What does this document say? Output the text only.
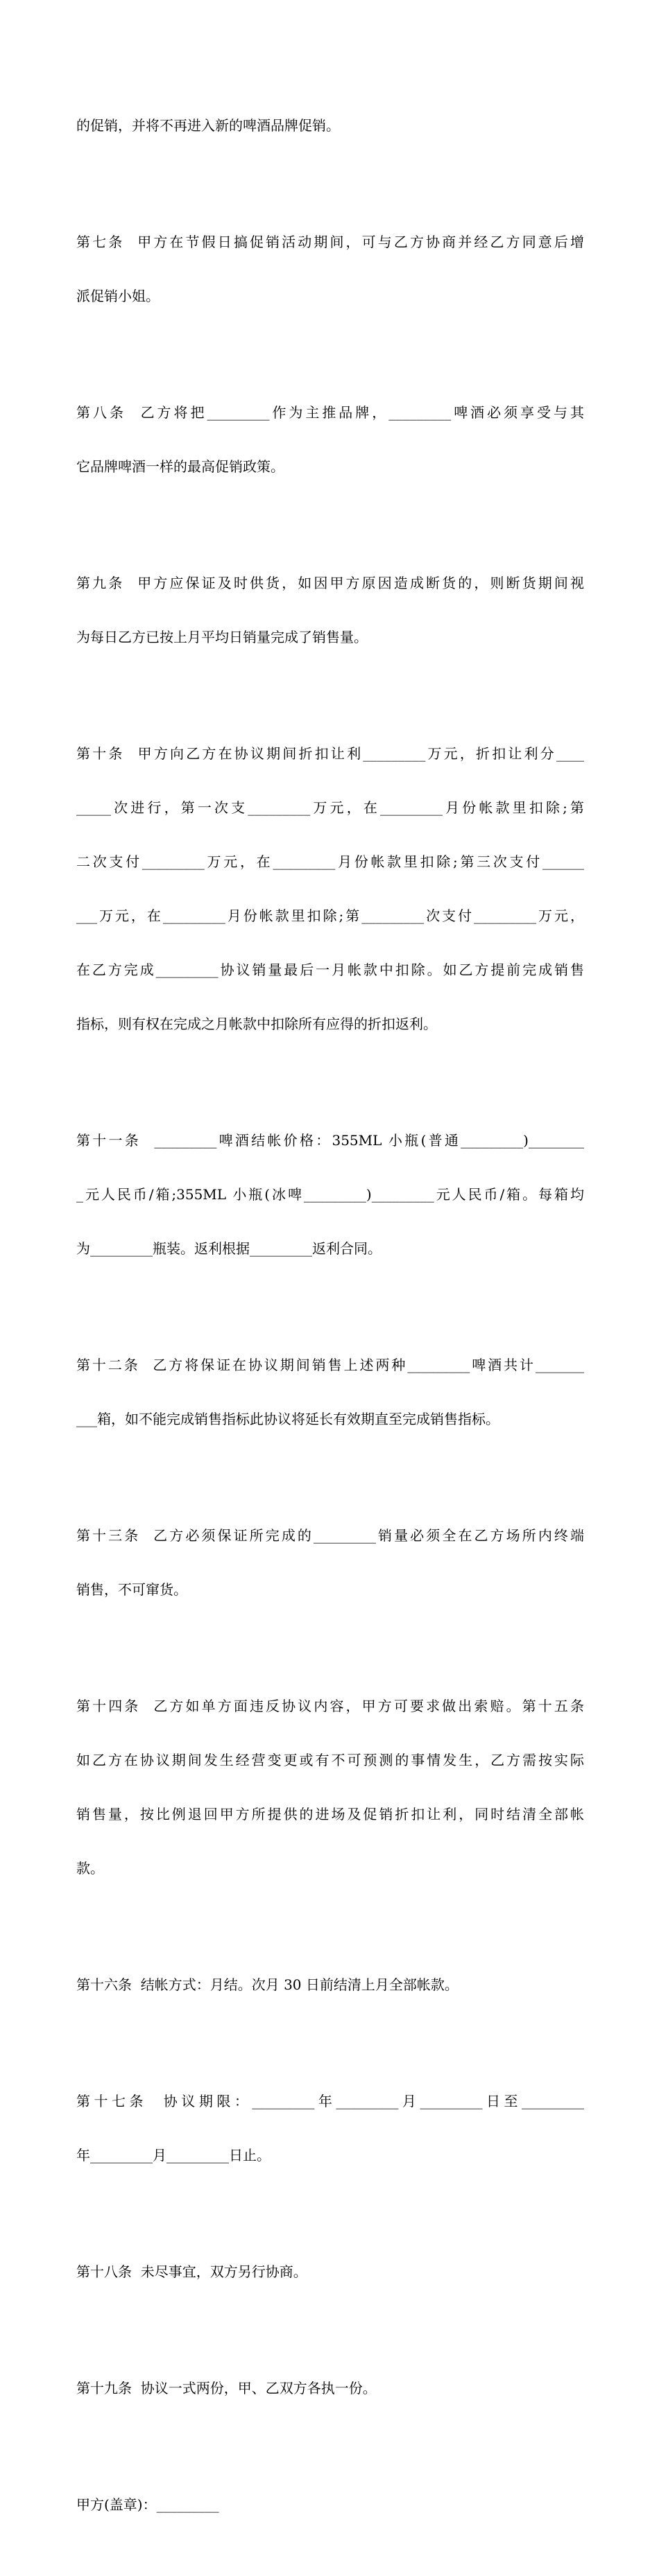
的促销，并将不再进入新的啤酒品牌促销。

第七条  甲方在节假日搞促销活动期间，可与乙方协商并经乙方同意后增

派促销小姐。

第八条  乙方将把_________作为主推品牌，_________啤酒必须享受与其

它品牌啤酒一样的最高促销政策。

第九条  甲方应保证及时供货，如因甲方原因造成断货的，则断货期间视

为每日乙方已按上月平均日销量完成了销售量。

第十条  甲方向乙方在协议期间折扣让利_________万元，折扣让利分____

_____次进行，第一次支_________万元，在_________月份帐款里扣除;第

二次支付_________万元，在_________月份帐款里扣除;第三次支付______

___万元，在_________月份帐款里扣除;第_________次支付_________万元，

在乙方完成_________协议销量最后一月帐款中扣除。如乙方提前完成销售

指标，则有权在完成之月帐款中扣除所有应得的折扣返利。

第十一条  _________啤酒结帐价格：355ML 小瓶(普通_________)________

_元人民币/箱;355ML 小瓶(冰啤_________)_________元人民币/箱。每箱均

为_________瓶装。返利根据_________返利合同。

第十二条  乙方将保证在协议期间销售上述两种_________啤酒共计_______

___箱，如不能完成销售指标此协议将延长有效期直至完成销售指标。

第十三条  乙方必须保证所完成的_________销量必须全在乙方场所内终端

销售，不可窜货。

第十四条  乙方如单方面违反协议内容，甲方可要求做出索赔。第十五条

如乙方在协议期间发生经营变更或有不可预测的事情发生，乙方需按实际

销售量，按比例退回甲方所提供的进场及促销折扣让利，同时结清全部帐

款。

第十六条  结帐方式：月结。次月 30 日前结清上月全部帐款。

第十七条  协议期限：_________年_________月_________日至_________

年_________月_________日止。

第十八条  未尽事宜，双方另行协商。

第十九条  协议一式两份，甲、乙双方各执一份。

甲方(盖章)：_________
